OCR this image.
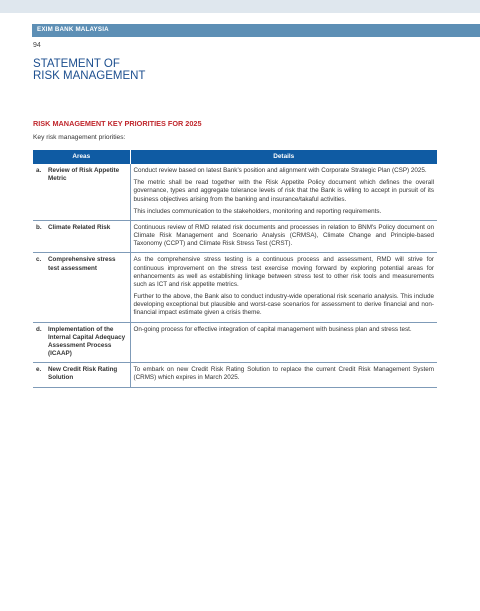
EXIM BANK MALAYSIA
94
STATEMENT OF
RISK MANAGEMENT
RISK MANAGEMENT KEY PRIORITIES FOR 2025
Key risk management priorities:
Areas		Details
a.	Review of Risk Appetite Metric	Conduct review based on latest Bank's position and alignment with Corporate Strategic Plan (CSP) 2025.

The metric shall be read together with the Risk Appetite Policy document which defines the overall governance, types and aggregate tolerance levels of risk that the Bank is willing to accept in pursuit of its business objectives arising from the banking and insurance/takaful activities.

This includes communication to the stakeholders, monitoring and reporting requirements.

b.	Climate Related Risk	Continuous review of RMD related risk documents and processes in relation to BNM's Policy document on Climate Risk Management and Scenario Analysis (CRMSA), Climate Change and Principle-based Taxonomy (CCPT) and Climate Risk Stress Test (CRST).

c.	Comprehensive stress test assessment	As the comprehensive stress testing is a continuous process and assessment, RMD will strive for continuous improvement on the stress test exercise moving forward by exploring potential areas for enhancements as well as establishing linkage between stress test to other risk tools and measurements such as ICT and risk appetite metrics.

Further to the above, the Bank also to conduct industry-wide operational risk scenario analysis. This include developing exceptional but plausible and worst-case scenarios for assessment to derive financial and non-financial impact estimate given a crisis theme.

d.	Implementation of the Internal Capital Adequacy Assessment Process (ICAAP)	On-going process for effective integration of capital management with business plan and stress test.

e.	New Credit Risk Rating Solution	To embark on new Credit Risk Rating Solution to replace the current Credit Risk Management System (CRMS) which expires in March 2025.
